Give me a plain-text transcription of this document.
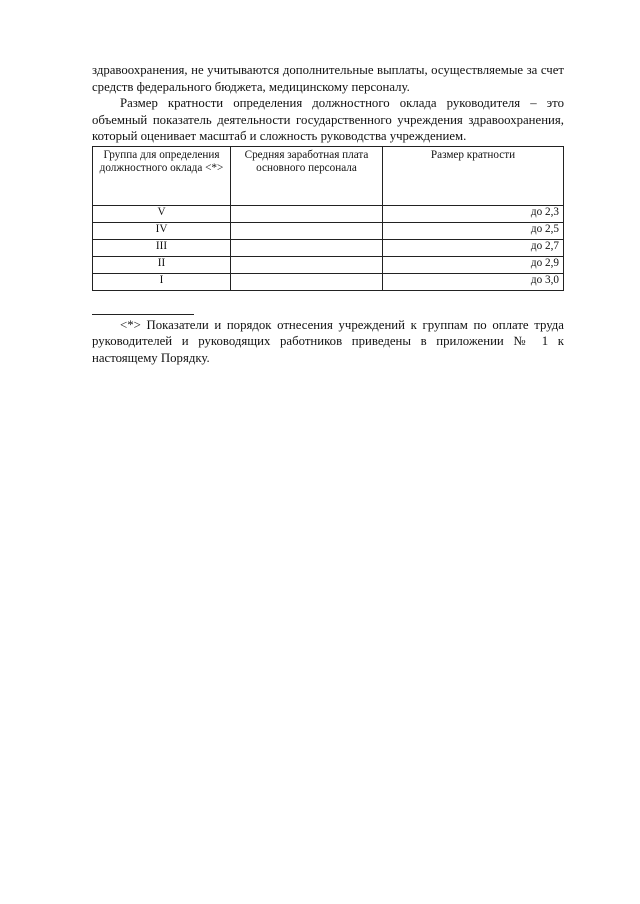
здравоохранения, не учитываются дополнительные выплаты, осуществляемые за счет средств федерального бюджета, медицинскому персоналу.

Размер кратности определения должностного оклада руководителя – это объемный показатель деятельности государственного учреждения здравоохранения, который оценивает масштаб и сложность руководства учреждением.

Группа для определения должностного оклада <*>	Средняя заработная плата основного персонала	Размер кратности
V		до 2,3
IV		до 2,5
III		до 2,7
II		до 2,9
I		до 3,0

<*> Показатели и порядок отнесения учреждений к группам по оплате труда руководителей и руководящих работников приведены в приложении № 1 к настоящему Порядку.
